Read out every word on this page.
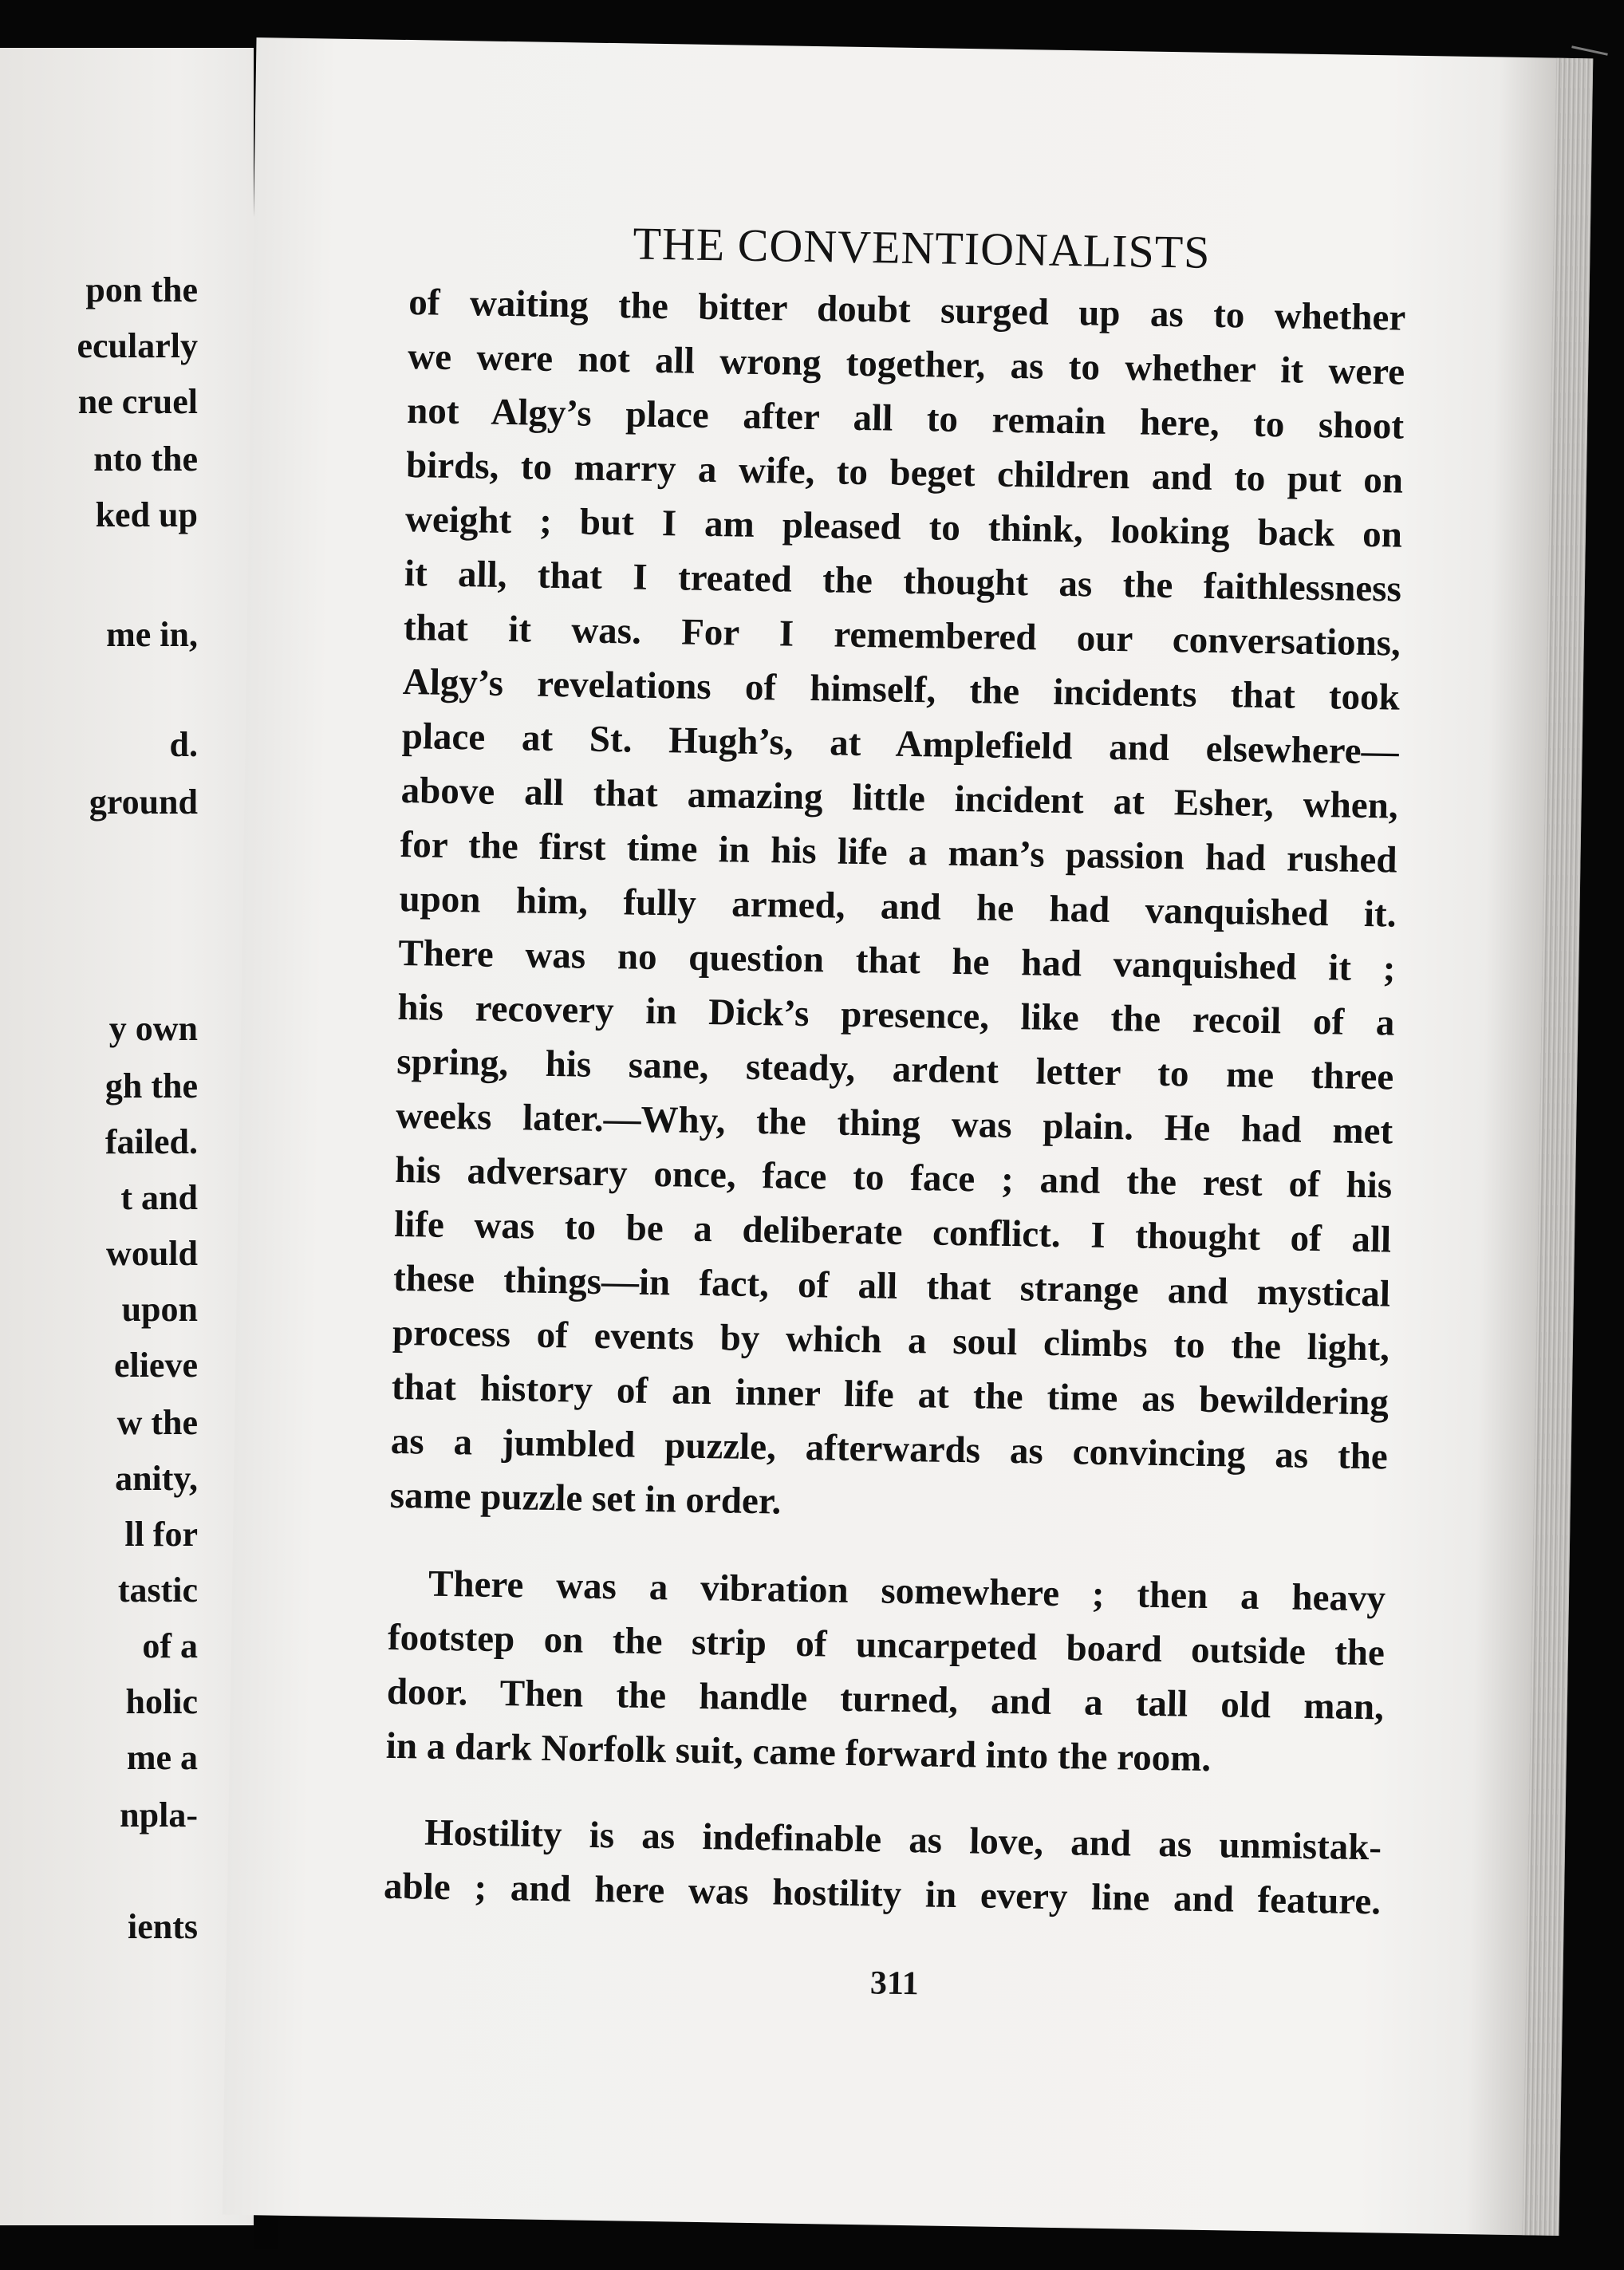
pon the
ecularly
ne cruel
nto the
ked up
me in,
d.
ground
y own
gh the
failed.
t and
would
upon
elieve
w the
anity,
ll for
tastic
of a
holic
me a
npla-
ients
THE CONVENTIONALISTS
of waiting the bitter doubt surged up as to whether
we were not all wrong together, as to whether it were
not Algy’s place after all to remain here, to shoot
birds, to marry a wife, to beget children and to put on
weight ; but I am pleased to think, looking back on
it all, that I treated the thought as the faithlessness
that it was. For I remembered our conversations,
Algy’s revelations of himself, the incidents that took
place at St. Hugh’s, at Amplefield and elsewhere—
above all that amazing little incident at Esher, when,
for the first time in his life a man’s passion had rushed
upon him, fully armed, and he had vanquished it.
There was no question that he had vanquished it ;
his recovery in Dick’s presence, like the recoil of a
spring, his sane, steady, ardent letter to me three
weeks later.—Why, the thing was plain. He had met
his adversary once, face to face ; and the rest of his
life was to be a deliberate conflict. I thought of all
these things—in fact, of all that strange and mystical
process of events by which a soul climbs to the light,
that history of an inner life at the time as bewildering
as a jumbled puzzle, afterwards as convincing as the
same puzzle set in order.
There was a vibration somewhere ; then a heavy
footstep on the strip of uncarpeted board outside the
door. Then the handle turned, and a tall old man,
in a dark Norfolk suit, came forward into the room.
Hostility is as indefinable as love, and as unmistak-
able ; and here was hostility in every line and feature.
311
